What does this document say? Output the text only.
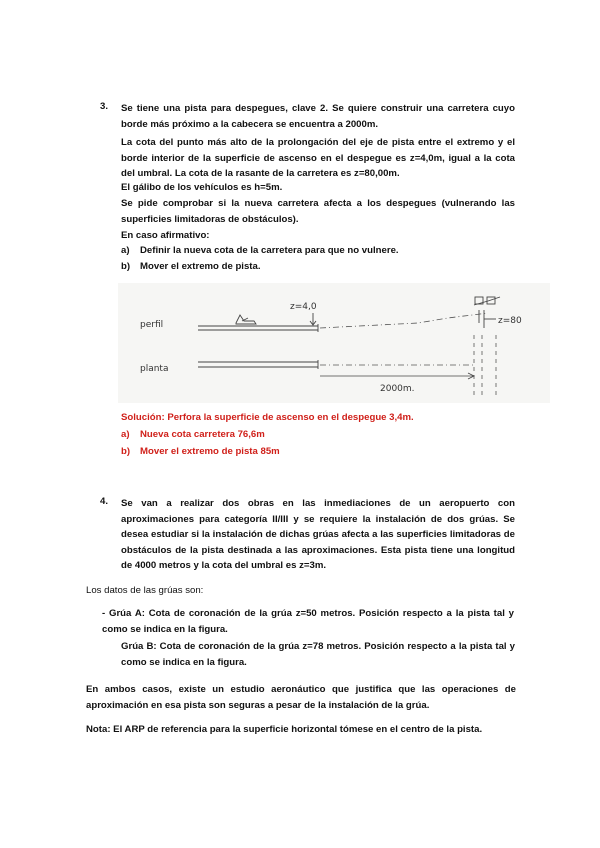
3. Se tiene una pista para despegues, clave 2. Se quiere construir una carretera cuyo borde más próximo a la cabecera se encuentra a 2000m.

La cota del punto más alto de la prolongación del eje de pista entre el extremo y el borde interior de la superficie de ascenso en el despegue es z=4,0m, igual a la cota del umbral. La cota de la rasante de la carretera es z=80,00m.

El gálibo de los vehículos es h=5m.

Se pide comprobar si la nueva carretera afecta a los despegues (vulnerando las superficies limitadoras de obstáculos).

En caso afirmativo:

a) Definir la nueva cota de la carretera para que no vulnere.
b) Mover el extremo de pista.
perfil
planta
z=4,0
z=80
2000m.

Solución: Perfora la superficie de ascenso en el despegue 3,4m.

a) Nueva cota carretera 76,6m
b) Mover el extremo de pista 85m
4. Se van a realizar dos obras en las inmediaciones de un aeropuerto con aproximaciones para categoría II/III y se requiere la instalación de dos grúas. Se desea estudiar si la instalación de dichas grúas afecta a las superficies limitadoras de obstáculos de la pista destinada a las aproximaciones. Esta pista tiene una longitud de 4000 metros y la cota del umbral es z=3m.

Los datos de las grúas son:

- Grúa A: Cota de coronación de la grúa z=50 metros. Posición respecto a la pista tal y como se indica en la figura.

Grúa B: Cota de coronación de la grúa z=78 metros. Posición respecto a la pista tal y como se indica en la figura.

En ambos casos, existe un estudio aeronáutico que justifica que las operaciones de aproximación en esa pista son seguras a pesar de la instalación de la grúa.

Nota: El ARP de referencia para la superficie horizontal tómese en el centro de la pista.
